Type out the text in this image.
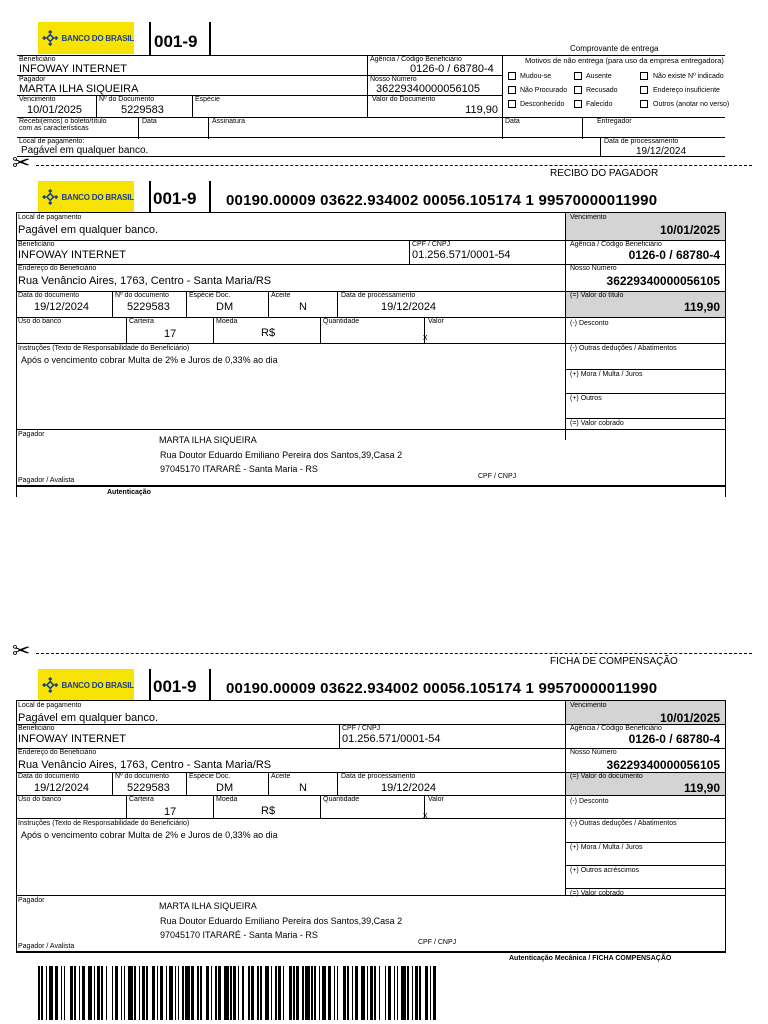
BANCO DO BRASIL 001-9	Comprovante de entrega
Beneficiário
INFOWAY INTERNET
Agência / Código Beneficiário
0126-0 / 68780-4
Motivos de não entrega (para uso da empresa entregadora)
Pagador
MARTA ILHA SIQUEIRA
Nosso Número
36229340000056105
Vencimento
10/01/2025
Nº do Documento
5229583
Espécie	Valor do Documento
119,90
Recebi(emos) o boleto/título
com as características
Data	Assinatura	Data	Entregador
Local de pagamento:
Pagável em qualquer banco.
Data de processamento
19/12/2024
Mudou-se	Ausente	Não existe Nº indicado
Não Procurado	Recusado	Endereço insuficiente
Desconhecido	Falecido	Outros (anotar no verso)
✂	RECIBO DO PAGADOR
BANCO DO BRASIL 001-9 00190.00009 03622.934002 00056.105174 1 99570000011990
Local de pagamento
Pagável em qualquer banco.
Vencimento
10/01/2025
Beneficiário
INFOWAY INTERNET
CPF / CNPJ
01.256.571/0001-54
Agência / Código Beneficiário
0126-0 / 68780-4
Endereço do Beneficiário
Rua Venâncio Aires, 1763, Centro - Santa Maria/RS
Nosso Número
36229340000056105
Data do documento
19/12/2024
Nº do documento
5229583
Espécie Doc.
DM
Aceite
N
Data de processamento
19/12/2024
(=) Valor do título
119,90
Uso do banco	Carteira
17
Moeda
R$
Quantidade	Valor
x
(-) Desconto
(-) Outras deduções / Abatimentos
(+) Mora / Multa / Juros
(+) Outros
(=) Valor cobrado
Instruções (Texto de Responsabilidade do Beneficiário)
Após o vencimento cobrar Multa de 2% e Juros de 0,33% ao dia
Pagador
MARTA ILHA SIQUEIRA
Rua Doutor Eduardo Emiliano Pereira dos Santos,39,Casa 2
97045170 ITARARÉ - Santa Maria - RS
Pagador / Avalista
CPF / CNPJ
Autenticação
✂	FICHA DE COMPENSAÇÃO
BANCO DO BRASIL 001-9 00190.00009 03622.934002 00056.105174 1 99570000011990
Local de pagamento
Pagável em qualquer banco.
Vencimento
10/01/2025
Beneficiário
INFOWAY INTERNET
CPF / CNPJ
01.256.571/0001-54
Agência / Código Beneficiário
0126-0 / 68780-4
Endereço do Beneficiário
Rua Venâncio Aires, 1763, Centro - Santa Maria/RS
Nosso Número
36229340000056105
Data do documento
19/12/2024
Nº do documento
5229583
Espécie Doc.
DM
Aceite
N
Data de processamento
19/12/2024
(=) Valor do documento
119,90
Uso do banco	Carteira
17
Moeda
R$
Quantidade	Valor
x
(-) Desconto
(-) Outras deduções / Abatimentos
(+) Mora / Multa / Juros
(+) Outros acréscimos
(=) Valor cobrado
Instruções (Texto de Responsabilidade do Beneficiário)
Após o vencimento cobrar Multa de 2% e Juros de 0,33% ao dia
Pagador
MARTA ILHA SIQUEIRA
Rua Doutor Eduardo Emiliano Pereira dos Santos,39,Casa 2
97045170 ITARARÉ - Santa Maria - RS
Pagador / Avalista
CPF / CNPJ
Autenticação Mecânica / FICHA COMPENSAÇÃO
